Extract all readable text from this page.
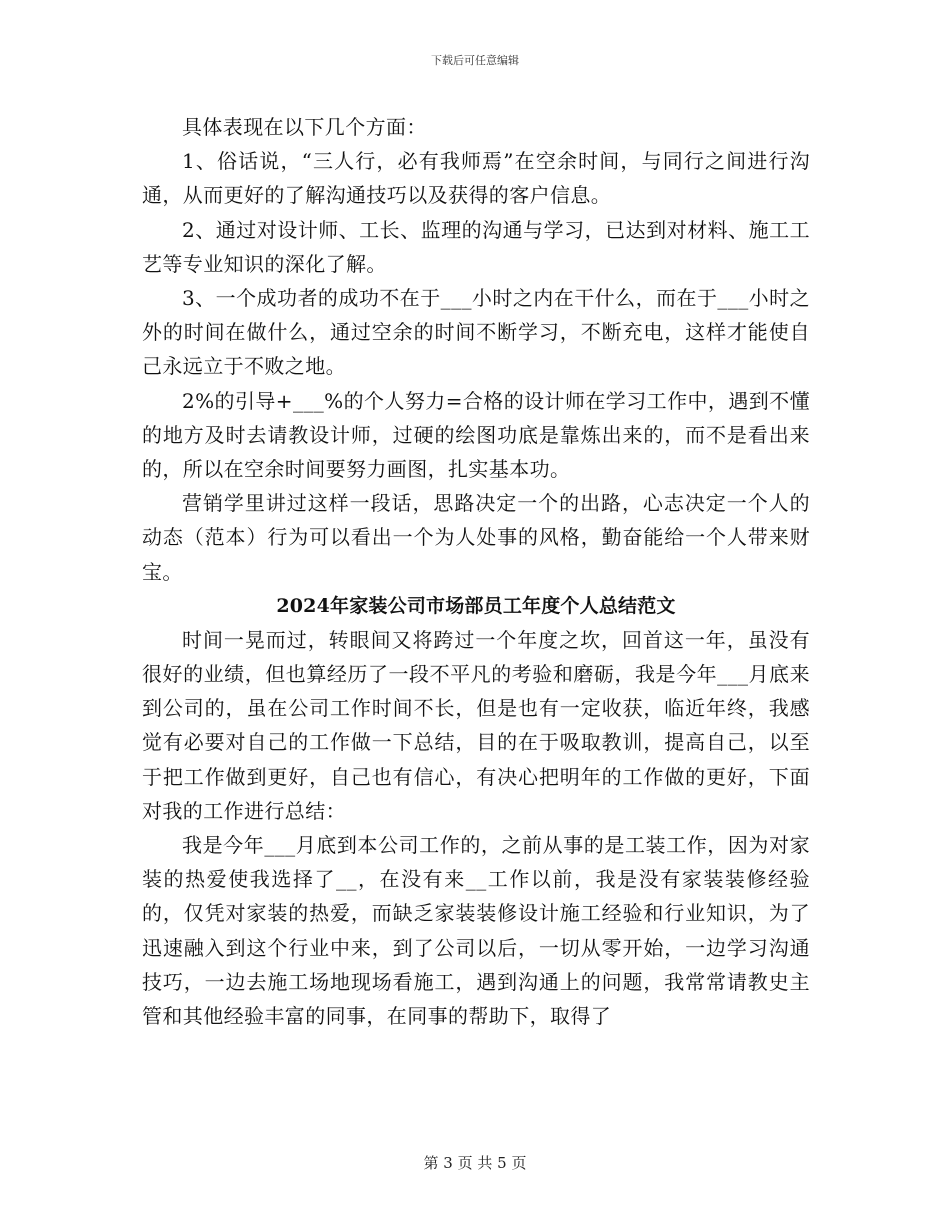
下载后可任意编辑

具体表现在以下几个方面：

1、俗话说，“三人行，必有我师焉”在空余时间，与同行之间进行沟通，从而更好的了解沟通技巧以及获得的客户信息。

2、通过对设计师、工长、监理的沟通与学习，已达到对材料、施工工艺等专业知识的深化了解。

3、一个成功者的成功不在于___小时之内在干什么，而在于___小时之外的时间在做什么，通过空余的时间不断学习，不断充电，这样才能使自己永远立于不败之地。

2%的引导+___%的个人努力=合格的设计师在学习工作中，遇到不懂的地方及时去请教设计师，过硬的绘图功底是靠炼出来的，而不是看出来的，所以在空余时间要努力画图，扎实基本功。

营销学里讲过这样一段话，思路决定一个的出路，心志决定一个人的动态（范本）行为可以看出一个为人处事的风格，勤奋能给一个人带来财宝。

2024年家装公司市场部员工年度个人总结范文

时间一晃而过，转眼间又将跨过一个年度之坎，回首这一年，虽没有很好的业绩，但也算经历了一段不平凡的考验和磨砺，我是今年___月底来到公司的，虽在公司工作时间不长，但是也有一定收获，临近年终，我感觉有必要对自己的工作做一下总结，目的在于吸取教训，提高自己，以至于把工作做到更好，自己也有信心，有决心把明年的工作做的更好，下面对我的工作进行总结：

我是今年___月底到本公司工作的，之前从事的是工装工作，因为对家装的热爱使我选择了__，在没有来__工作以前，我是没有家装装修经验的，仅凭对家装的热爱，而缺乏家装装修设计施工经验和行业知识，为了迅速融入到这个行业中来，到了公司以后，一切从零开始，一边学习沟通技巧，一边去施工场地现场看施工，遇到沟通上的问题，我常常请教史主管和其他经验丰富的同事，在同事的帮助下，取得了

第 3 页 共 5 页
